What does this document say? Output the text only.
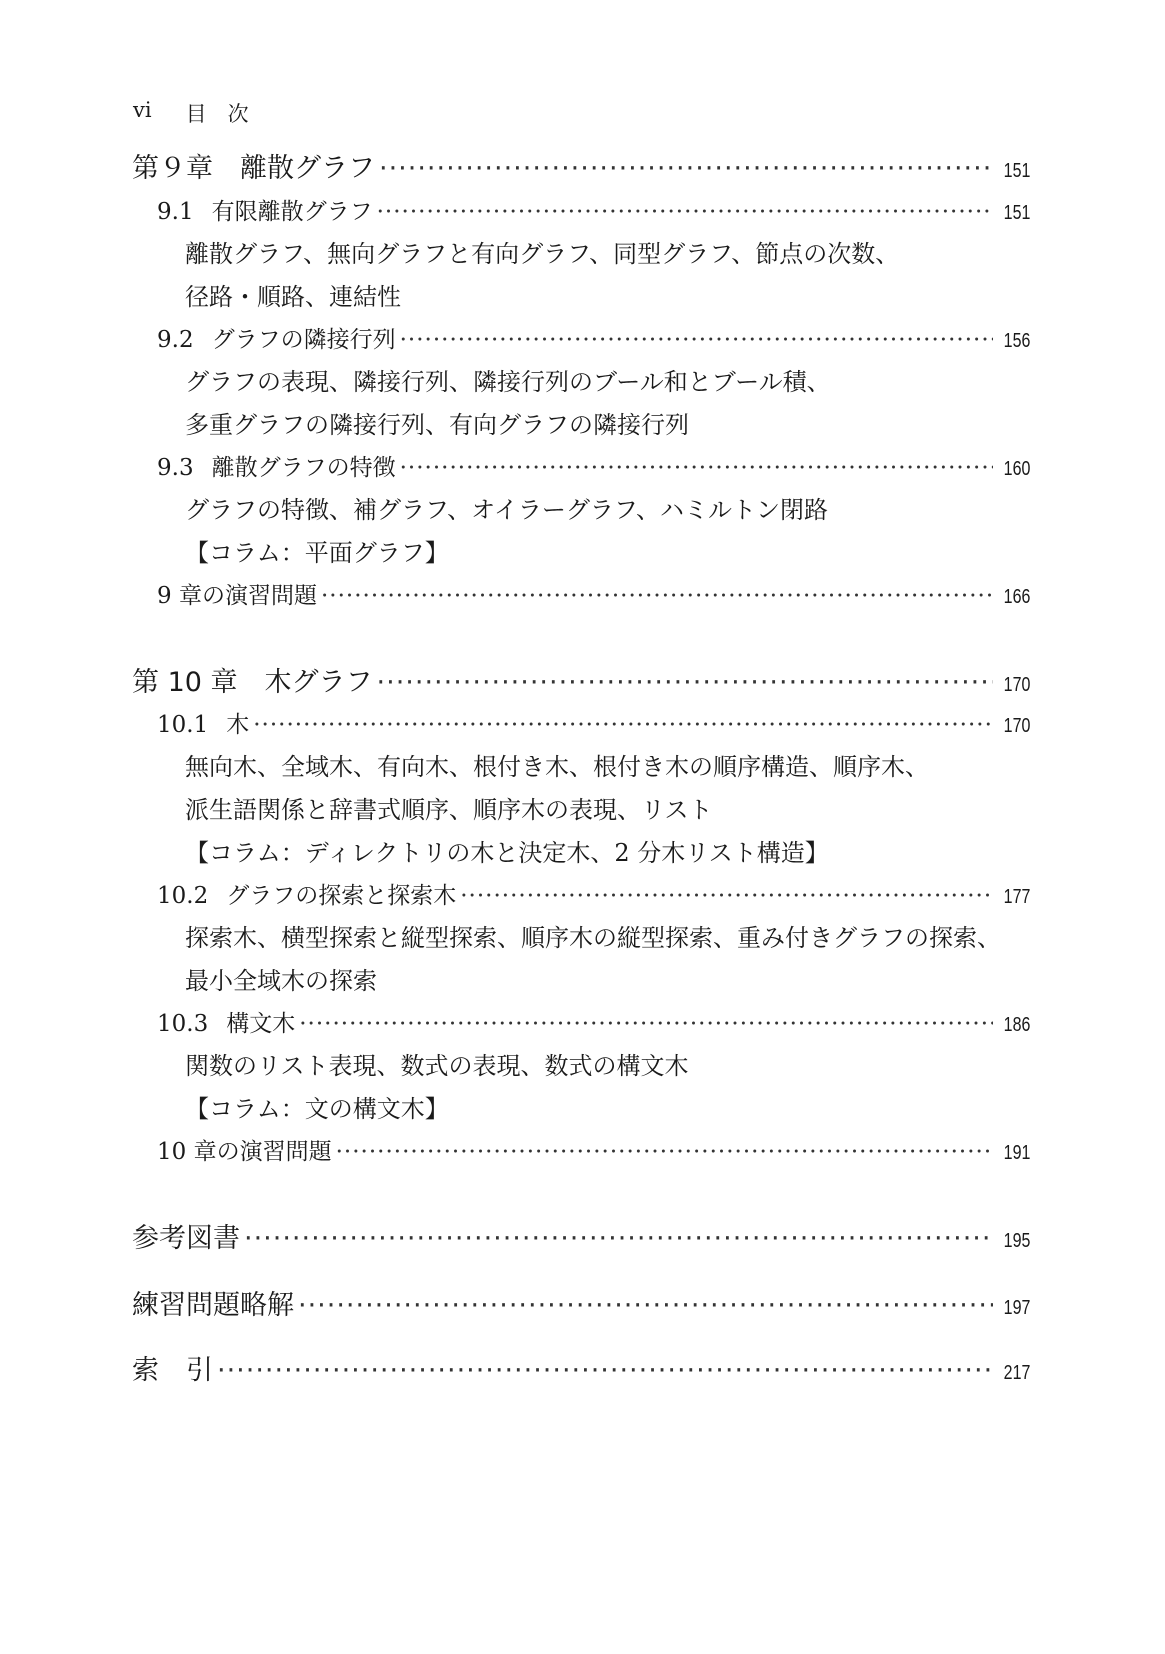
vi 目　次
第９章　離散グラフ ·····	151
9.1 有限離散グラフ ·····	151
離散グラフ、無向グラフと有向グラフ、同型グラフ、節点の次数、
径路・順路、連結性
9.2 グラフの隣接行列 ·····	156
グラフの表現、隣接行列、隣接行列のブール和とブール積、
多重グラフの隣接行列、有向グラフの隣接行列
9.3 離散グラフの特徴 ·····	160
グラフの特徴、補グラフ、オイラーグラフ、ハミルトン閉路
【コラム：平面グラフ】
9 章の演習問題 ·····	166
第 10 章　木グラフ ·····	170
10.1 木 ·····	170
無向木、全域木、有向木、根付き木、根付き木の順序構造、順序木、
派生語関係と辞書式順序、順序木の表現、リスト
【コラム：ディレクトリの木と決定木、2 分木リスト構造】
10.2 グラフの探索と探索木 ·····	177
探索木、横型探索と縦型探索、順序木の縦型探索、重み付きグラフの探索、
最小全域木の探索
10.3 構文木 ·····	186
関数のリスト表現、数式の表現、数式の構文木
【コラム：文の構文木】
10 章の演習問題 ·····	191
参考図書 ·····	195
練習問題略解 ·····	197
索　引 ·····	217
